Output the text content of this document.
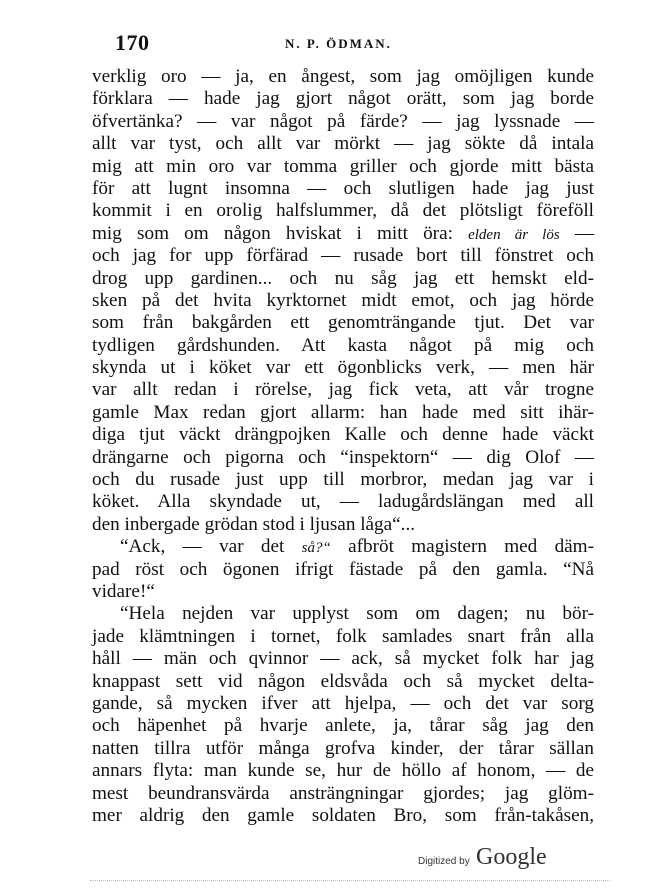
170	N. P. ÖDMAN.
verklig oro — ja, en ångest, som jag omöjligen kunde
förklara — hade jag gjort något orätt, som jag borde
öfvertänka? — var något på färde? — jag lyssnade —
allt var tyst, och allt var mörkt — jag sökte då intala
mig att min oro var tomma griller och gjorde mitt bästa
för att lugnt insomna — och slutligen hade jag just
kommit i en orolig halfslummer, då det plötsligt föreföll
mig som om någon hviskat i mitt öra: elden är lös —
och jag for upp förfärad — rusade bort till fönstret och
drog upp gardinen... och nu såg jag ett hemskt eld-
sken på det hvita kyrktornet midt emot, och jag hörde
som från bakgården ett genomträngande tjut. Det var
tydligen gårdshunden. Att kasta något på mig och
skynda ut i köket var ett ögonblicks verk, — men här
var allt redan i rörelse, jag fick veta, att vår trogne
gamle Max redan gjort allarm: han hade med sitt ihär-
diga tjut väckt drängpojken Kalle och denne hade väckt
drängarne och pigorna och “inspektorn“ — dig Olof —
och du rusade just upp till morbror, medan jag var i
köket. Alla skyndade ut, — ladugårdslängan med all
den inbergade grödan stod i ljusan låga“...
“Ack, — var det så?“ afbröt magistern med däm-
pad röst och ögonen ifrigt fästade på den gamla. “Nå
vidare!“
“Hela nejden var upplyst som om dagen; nu bör-
jade klämtningen i tornet, folk samlades snart från alla
håll — män och qvinnor — ack, så mycket folk har jag
knappast sett vid någon eldsvåda och så mycket delta-
gande, så mycken ifver att hjelpa, — och det var sorg
och häpenhet på hvarje anlete, ja, tårar såg jag den
natten tillra utför många grofva kinder, der tårar sällan
annars flyta: man kunde se, hur de höllo af honom, — de
mest beundransvärda ansträngningar gjordes; jag glöm-
mer aldrig den gamle soldaten Bro, som från-takåsen,
Digitized by Google
